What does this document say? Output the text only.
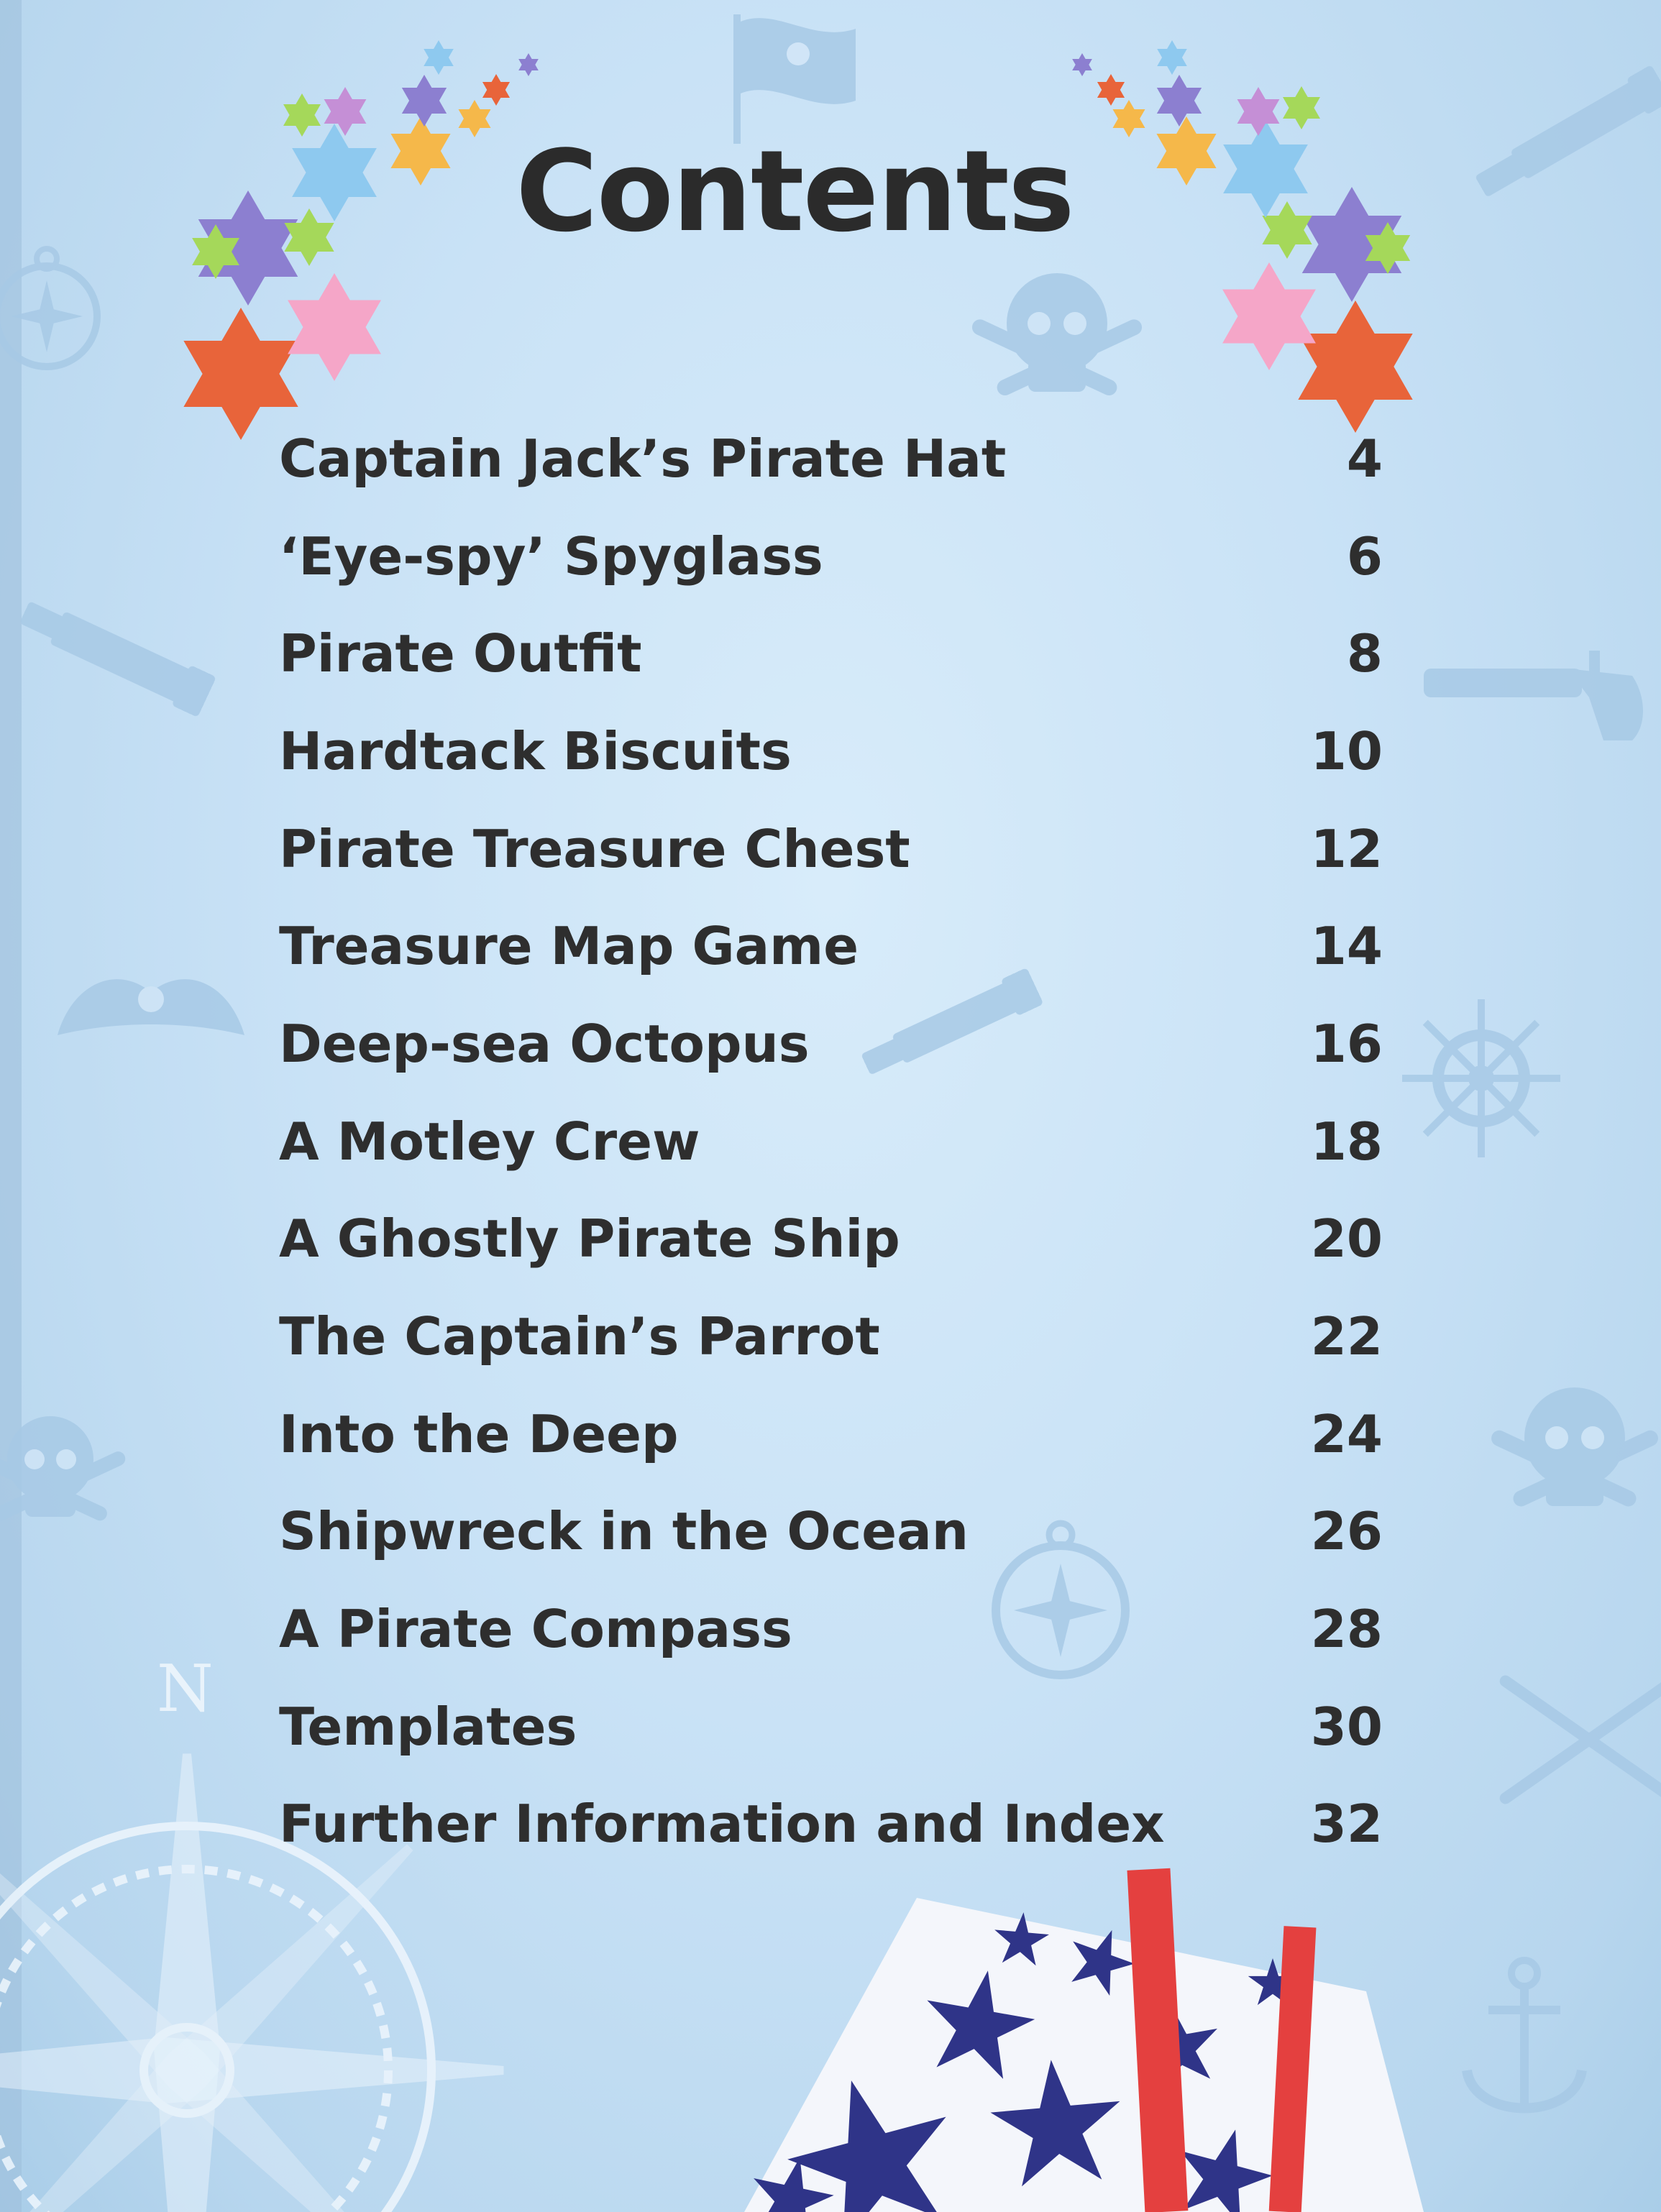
N
Contents
Captain Jack’s Pirate Hat	4
‘Eye-spy’ Spyglass	6
Pirate Outfit	8
Hardtack Biscuits	10
Pirate Treasure Chest	12
Treasure Map Game	14
Deep-sea Octopus	16
A Motley Crew	18
A Ghostly Pirate Ship	20
The Captain’s Parrot	22
Into the Deep	24
Shipwreck in the Ocean	26
A Pirate Compass	28
Templates	30
Further Information and Index	32
